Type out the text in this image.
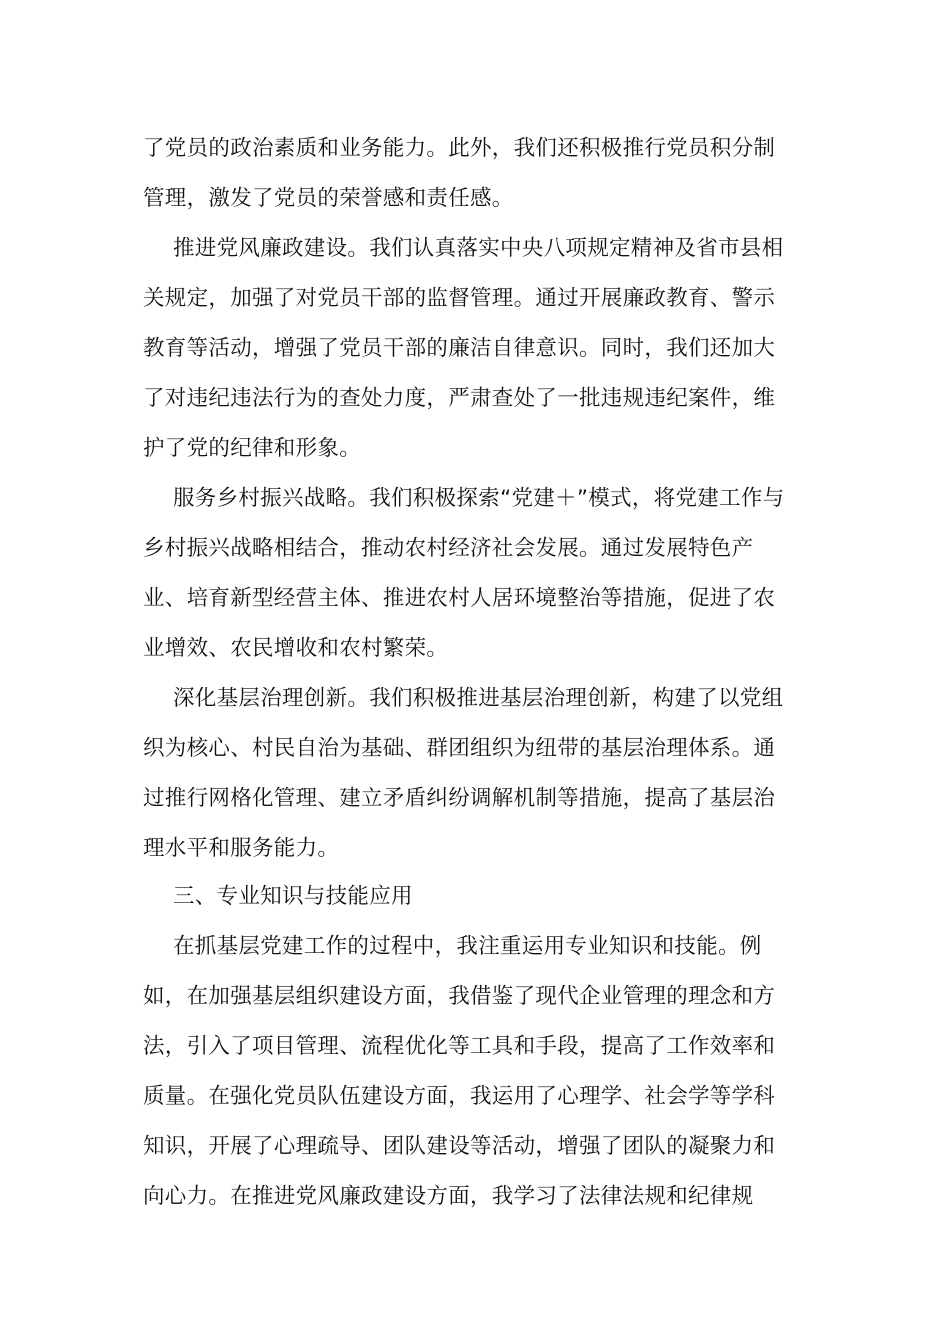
了党员的政治素质和业务能力。此外，我们还积极推行党员积分制
管理，激发了党员的荣誉感和责任感。
推进党风廉政建设。我们认真落实中央八项规定精神及省市县相
关规定，加强了对党员干部的监督管理。通过开展廉政教育、警示
教育等活动，增强了党员干部的廉洁自律意识。同时，我们还加大
了对违纪违法行为的查处力度，严肃查处了一批违规违纪案件，维
护了党的纪律和形象。
服务乡村振兴战略。我们积极探索“党建＋”模式，将党建工作与
乡村振兴战略相结合，推动农村经济社会发展。通过发展特色产
业、培育新型经营主体、推进农村人居环境整治等措施，促进了农
业增效、农民增收和农村繁荣。
深化基层治理创新。我们积极推进基层治理创新，构建了以党组
织为核心、村民自治为基础、群团组织为纽带的基层治理体系。通
过推行网格化管理、建立矛盾纠纷调解机制等措施，提高了基层治
理水平和服务能力。
三、专业知识与技能应用
在抓基层党建工作的过程中，我注重运用专业知识和技能。例
如，在加强基层组织建设方面，我借鉴了现代企业管理的理念和方
法，引入了项目管理、流程优化等工具和手段，提高了工作效率和
质量。在强化党员队伍建设方面，我运用了心理学、社会学等学科
知识，开展了心理疏导、团队建设等活动，增强了团队的凝聚力和
向心力。在推进党风廉政建设方面，我学习了法律法规和纪律规
